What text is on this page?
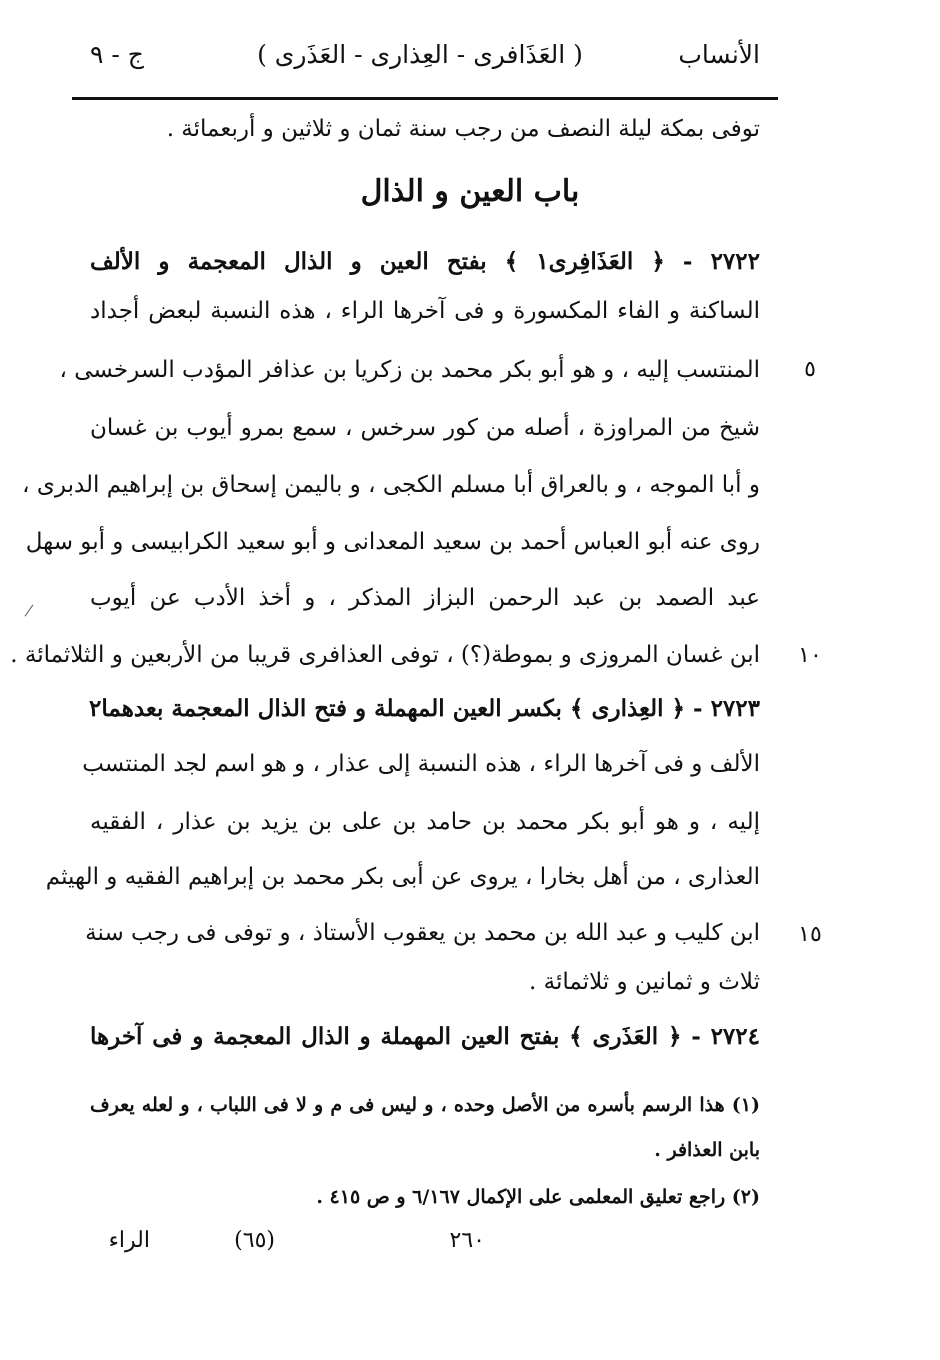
الأنساب
( العَذَافرى - العِذارى - العَذَرى )
ج - ٩
توفى بمكة ليلة النصف من رجب سنة ثمان و ثلاثين و أربعمائة .
باب العين و الذال
٢٧٢٢ - ﴿ العَذَافِرى١ ﴾ بفتح العين و الذال المعجمة و الألف
الساكنة و الفاء المكسورة و فى آخرها الراء ، هذه النسبة لبعض أجداد
المنتسب إليه ، و هو أبو بكر محمد بن زكريا بن عذافر المؤدب السرخسى ،	٥
شيخ من المراوزة ، أصله من كور سرخس ، سمع بمرو أيوب بن غسان
و أبا الموجه ، و بالعراق أبا مسلم الكجى ، و باليمن إسحاق بن إبراهيم الدبرى ،
روى عنه أبو العباس أحمد بن سعيد المعدانى و أبو سعيد الكرابيسى و أبو سهل
عبد الصمد بن عبد الرحمن البزاز المذكر ، و أخذ الأدب عن أيوب
ابن غسان المروزى و بموطة(؟) ، توفى العذافرى قريبا من الأربعين و الثلاثمائة .	١٠
٢٧٢٣ - ﴿ العِذارى ﴾ بكسر العين المهملة و فتح الذال المعجمة بعدهما٢
الألف و فى آخرها الراء ، هذه النسبة إلى عذار ، و هو اسم لجد المنتسب
إليه ، و هو أبو بكر محمد بن حامد بن على بن يزيد بن عذار ، الفقيه
العذارى ، من أهل بخارا ، يروى عن أبى بكر محمد بن إبراهيم الفقيه و الهيثم
ابن كليب و عبد الله بن محمد بن يعقوب الأستاذ ، و توفى فى رجب سنة	١٥
ثلاث و ثمانين و ثلاثمائة .
٢٧٢٤ - ﴿ العَذَرى ﴾ بفتح العين المهملة و الذال المعجمة و فى آخرها
(١) هذا الرسم بأسره من الأصل وحده ، و ليس فى م و لا فى اللباب ، و لعله يعرف
بابن العذافر .
(٢) راجع تعليق المعلمى على الإكمال ٦/١٦٧ و ص ٤١٥ .
٢٦٠
(٦٥)
الراء
